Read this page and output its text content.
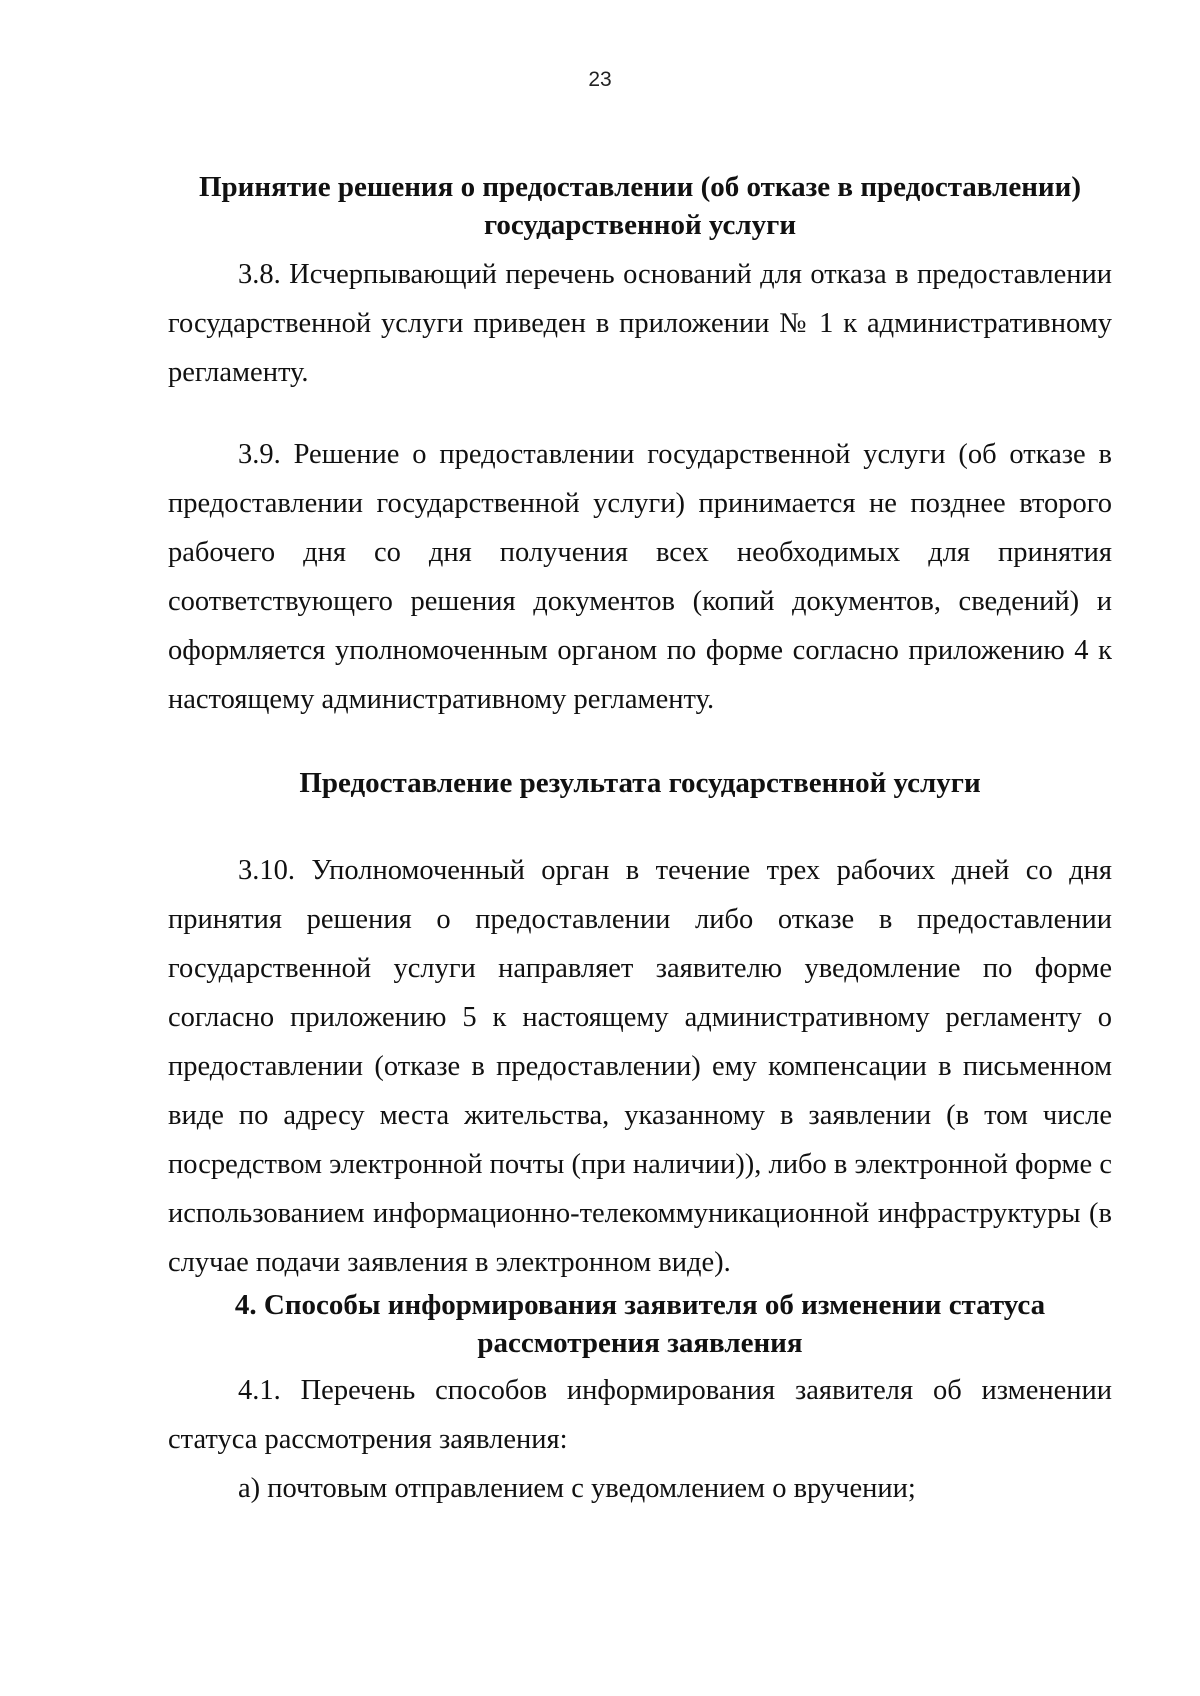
23
Принятие решения о предоставлении (об отказе в предоставлении)
государственной услуги
3.8. Исчерпывающий перечень оснований для отказа в предоставлении
государственной услуги приведен в приложении № 1 к административному
регламенту.
3.9. Решение о предоставлении государственной услуги (об отказе в
предоставлении государственной услуги) принимается не позднее второго
рабочего дня со дня получения всех необходимых для принятия
соответствующего решения документов (копий документов, сведений) и
оформляется уполномоченным органом по форме согласно приложению 4 к
настоящему административному регламенту.
Предоставление результата государственной услуги
3.10. Уполномоченный орган в течение трех рабочих дней со дня
принятия решения о предоставлении либо отказе в предоставлении
государственной услуги направляет заявителю уведомление по форме
согласно приложению 5 к настоящему административному регламенту о
предоставлении (отказе в предоставлении) ему компенсации в письменном
виде по адресу места жительства, указанному в заявлении (в том числе
посредством электронной почты (при наличии)), либо в электронной форме с
использованием информационно-телекоммуникационной инфраструктуры (в
случае подачи заявления в электронном виде).
4. Способы информирования заявителя об изменении статуса
рассмотрения заявления
4.1. Перечень способов информирования заявителя об изменении
статуса рассмотрения заявления:
а) почтовым отправлением с уведомлением о вручении;
